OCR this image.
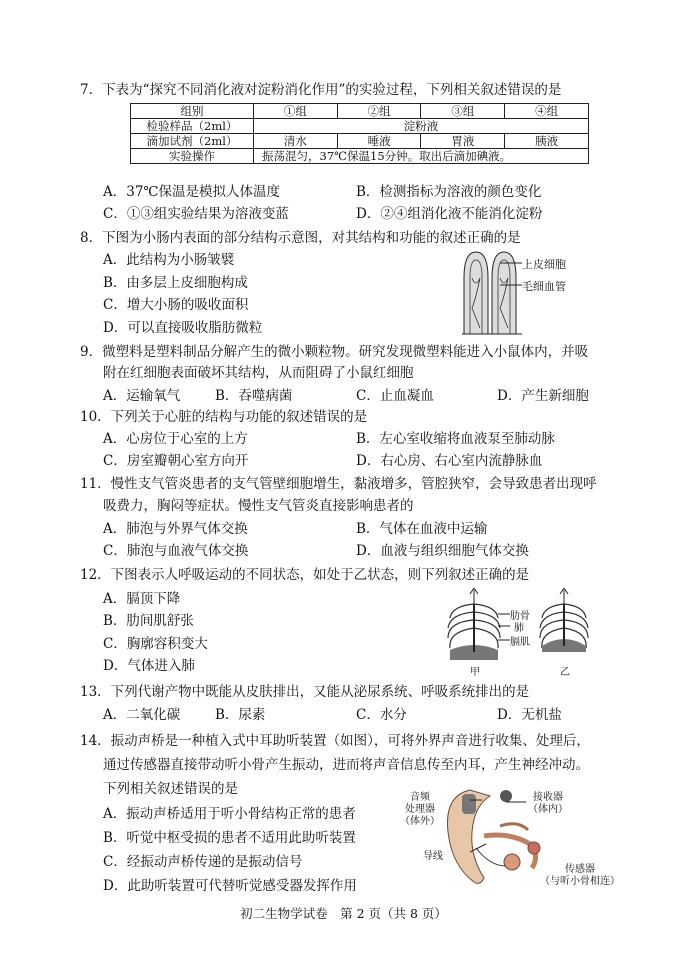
7．下表为“探究不同消化液对淀粉消化作用”的实验过程，下列相关叙述错误的是
组别	①组	②组	③组	④组
检验样品（2ml）	淀粉液			
滴加试剂（2ml）	清水	唾液	胃液	胰液
实验操作	振荡混匀，37℃保温15分钟。取出后滴加碘液。			
A．37℃保温是模拟人体温度	B．检测指标为溶液的颜色变化
C．①③组实验结果为溶液变蓝	D．②④组消化液不能消化淀粉
8．下图为小肠内表面的部分结构示意图，对其结构和功能的叙述正确的是
A．此结构为小肠皱襞
B．由多层上皮细胞构成
C．增大小肠的吸收面积
D．可以直接吸收脂肪微粒
上皮细胞
毛细血管
9．微塑料是塑料制品分解产生的微小颗粒物。研究发现微塑料能进入小鼠体内，并吸
附在红细胞表面破坏其结构，从而阻碍了小鼠红细胞
A．运输氧气	B．吞噬病菌	C．止血凝血	D．产生新细胞
10．下列关于心脏的结构与功能的叙述错误的是
A．心房位于心室的上方	B．左心室收缩将血液泵至肺动脉
C．房室瓣朝心室方向开	D．右心房、右心室内流静脉血
11．慢性支气管炎患者的支气管壁细胞增生，黏液增多，管腔狭窄，会导致患者出现呼
吸费力，胸闷等症状。慢性支气管炎直接影响患者的
A．肺泡与外界气体交换	B．气体在血液中运输
C．肺泡与血液气体交换	D．血液与组织细胞气体交换
12．下图表示人呼吸运动的不同状态，如处于乙状态，则下列叙述正确的是
A．膈顶下降
B．肋间肌舒张
C．胸廓容积变大
D．气体进入肺
肋骨
肺
膈肌
甲	乙
13．下列代谢产物中既能从皮肤排出，又能从泌尿系统、呼吸系统排出的是
A．二氧化碳	B．尿素	C．水分	D．无机盐
14．振动声桥是一种植入式中耳助听装置（如图），可将外界声音进行收集、处理后，
通过传感器直接带动听小骨产生振动，进而将声音信息传至内耳，产生神经冲动。
下列相关叙述错误的是
A．振动声桥适用于听小骨结构正常的患者
B．听觉中枢受损的患者不适用此助听装置
C．经振动声桥传递的是振动信号
D．此助听装置可代替听觉感受器发挥作用
音频
处理器
（体外）
接收器
（体内）
导线
传感器
（与听小骨相连）
初二生物学试卷　第 2 页（共 8 页）
